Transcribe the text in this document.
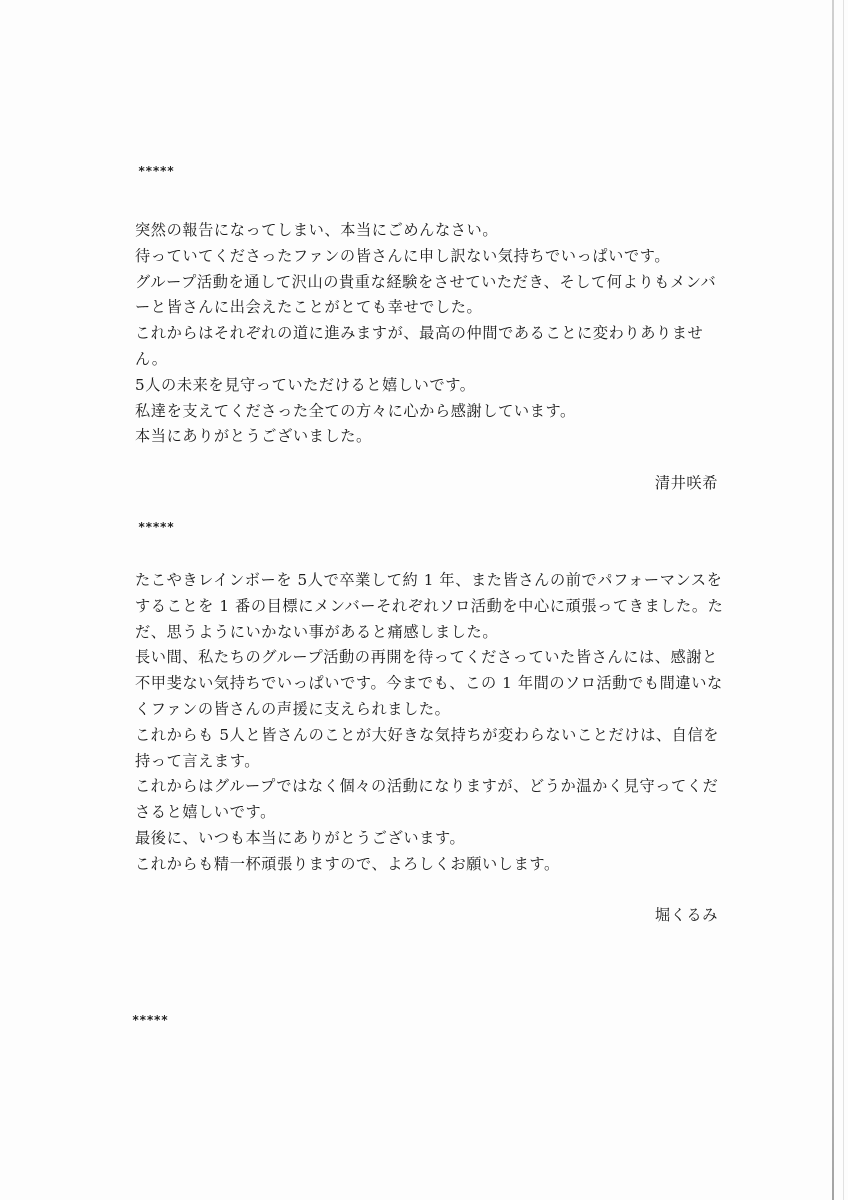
*****

突然の報告になってしまい、本当にごめんなさい。

待っていてくださったファンの皆さんに申し訳ない気持ちでいっぱいです。

グループ活動を通して沢山の貴重な経験をさせていただき、そして何よりもメンバーと皆さんに出会えたことがとても幸せでした。

これからはそれぞれの道に進みますが、最高の仲間であることに変わりありません。

5人の未来を見守っていただけると嬉しいです。

私達を支えてくださった全ての方々に心から感謝しています。

本当にありがとうございました。

清井咲希
*****

たこやきレインボーを 5人で卒業して約 1 年、また皆さんの前でパフォーマンスをすることを 1 番の目標にメンバーそれぞれソロ活動を中心に頑張ってきました。ただ、思うようにいかない事があると痛感しました。

長い間、私たちのグループ活動の再開を待ってくださっていた皆さんには、感謝と不甲斐ない気持ちでいっぱいです。今までも、この 1 年間のソロ活動でも間違いなくファンの皆さんの声援に支えられました。

これからも 5人と皆さんのことが大好きな気持ちが変わらないことだけは、自信を持って言えます。

これからはグループではなく個々の活動になりますが、どうか温かく見守ってくださると嬉しいです。

最後に、いつも本当にありがとうございます。

これからも精一杯頑張りますので、よろしくお願いします。

堀くるみ
*****
